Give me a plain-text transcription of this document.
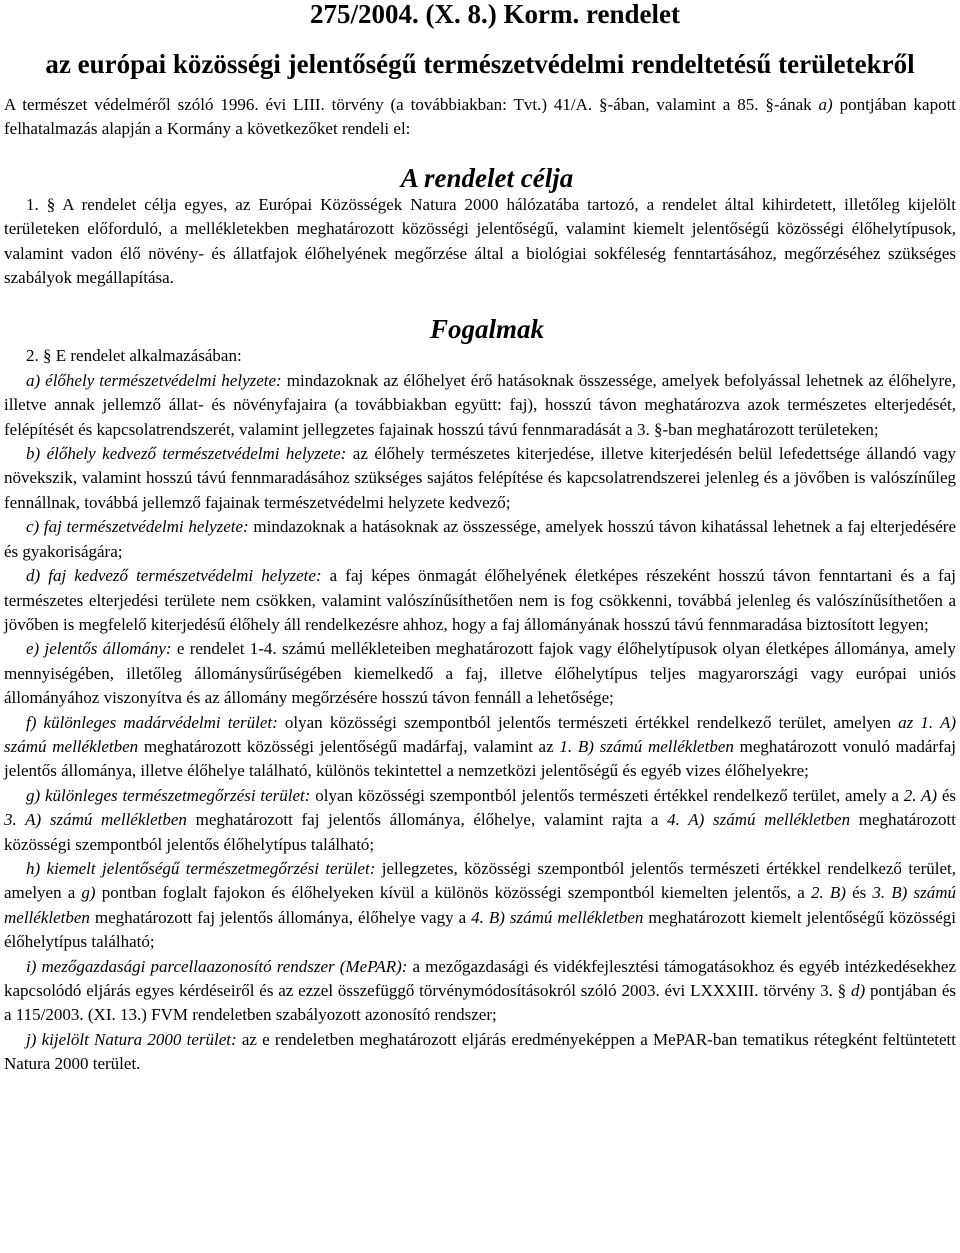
275/2004. (X. 8.) Korm. rendelet
az európai közösségi jelentőségű természetvédelmi rendeltetésű területekről

A természet védelméről szóló 1996. évi LIII. törvény (a továbbiakban: Tvt.) 41/A. §-ában, valamint a 85. §-ának a) pontjában kapott felhatalmazás alapján a Kormány a következőket rendeli el:

A rendelet célja

1. § A rendelet célja egyes, az Európai Közösségek Natura 2000 hálózatába tartozó, a rendelet által kihirdetett, illetőleg kijelölt területeken előforduló, a mellékletekben meghatározott közösségi jelentőségű, valamint kiemelt jelentőségű közösségi élőhelytípusok, valamint vadon élő növény- és állatfajok élőhelyének megőrzése által a biológiai sokféleség fenntartásához, megőrzéséhez szükséges szabályok megállapítása.

Fogalmak

2. § E rendelet alkalmazásában:

a) élőhely természetvédelmi helyzete: mindazoknak az élőhelyet érő hatásoknak összessége, amelyek befolyással lehetnek az élőhelyre, illetve annak jellemző állat- és növényfajaira (a továbbiakban együtt: faj), hosszú távon meghatározva azok természetes elterjedését, felépítését és kapcsolatrendszerét, valamint jellegzetes fajainak hosszú távú fennmaradását a 3. §-ban meghatározott területeken;

b) élőhely kedvező természetvédelmi helyzete: az élőhely természetes kiterjedése, illetve kiterjedésén belül lefedettsége állandó vagy növekszik, valamint hosszú távú fennmaradásához szükséges sajátos felépítése és kapcsolatrendszerei jelenleg és a jövőben is valószínűleg fennállnak, továbbá jellemző fajainak természetvédelmi helyzete kedvező;

c) faj természetvédelmi helyzete: mindazoknak a hatásoknak az összessége, amelyek hosszú távon kihatással lehetnek a faj elterjedésére és gyakoriságára;

d) faj kedvező természetvédelmi helyzete: a faj képes önmagát élőhelyének életképes részeként hosszú távon fenntartani és a faj természetes elterjedési területe nem csökken, valamint valószínűsíthetően nem is fog csökkenni, továbbá jelenleg és valószínűsíthetően a jövőben is megfelelő kiterjedésű élőhely áll rendelkezésre ahhoz, hogy a faj állományának hosszú távú fennmaradása biztosított legyen;

e) jelentős állomány: e rendelet 1-4. számú mellékleteiben meghatározott fajok vagy élőhelytípusok olyan életképes állománya, amely mennyiségében, illetőleg állománysűrűségében kiemelkedő a faj, illetve élőhelytípus teljes magyarországi vagy európai uniós állományához viszonyítva és az állomány megőrzésére hosszú távon fennáll a lehetősége;

f) különleges madárvédelmi terület: olyan közösségi szempontból jelentős természeti értékkel rendelkező terület, amelyen az 1. A) számú mellékletben meghatározott közösségi jelentőségű madárfaj, valamint az 1. B) számú mellékletben meghatározott vonuló madárfaj jelentős állománya, illetve élőhelye található, különös tekintettel a nemzetközi jelentőségű és egyéb vizes élőhelyekre;

g) különleges természetmegőrzési terület: olyan közösségi szempontból jelentős természeti értékkel rendelkező terület, amely a 2. A) és 3. A) számú mellékletben meghatározott faj jelentős állománya, élőhelye, valamint rajta a 4. A) számú mellékletben meghatározott közösségi szempontból jelentős élőhelytípus található;

h) kiemelt jelentőségű természetmegőrzési terület: jellegzetes, közösségi szempontból jelentős természeti értékkel rendelkező terület, amelyen a g) pontban foglalt fajokon és élőhelyeken kívül a különös közösségi szempontból kiemelten jelentős, a 2. B) és 3. B) számú mellékletben meghatározott faj jelentős állománya, élőhelye vagy a 4. B) számú mellékletben meghatározott kiemelt jelentőségű közösségi élőhelytípus található;

i) mezőgazdasági parcellaazonosító rendszer (MePAR): a mezőgazdasági és vidékfejlesztési támogatásokhoz és egyéb intézkedésekhez kapcsolódó eljárás egyes kérdéseiről és az ezzel összefüggő törvénymódosításokról szóló 2003. évi LXXXIII. törvény 3. § d) pontjában és a 115/2003. (XI. 13.) FVM rendeletben szabályozott azonosító rendszer;

j) kijelölt Natura 2000 terület: az e rendeletben meghatározott eljárás eredményeképpen a MePAR-ban tematikus rétegként feltüntetett Natura 2000 terület.
